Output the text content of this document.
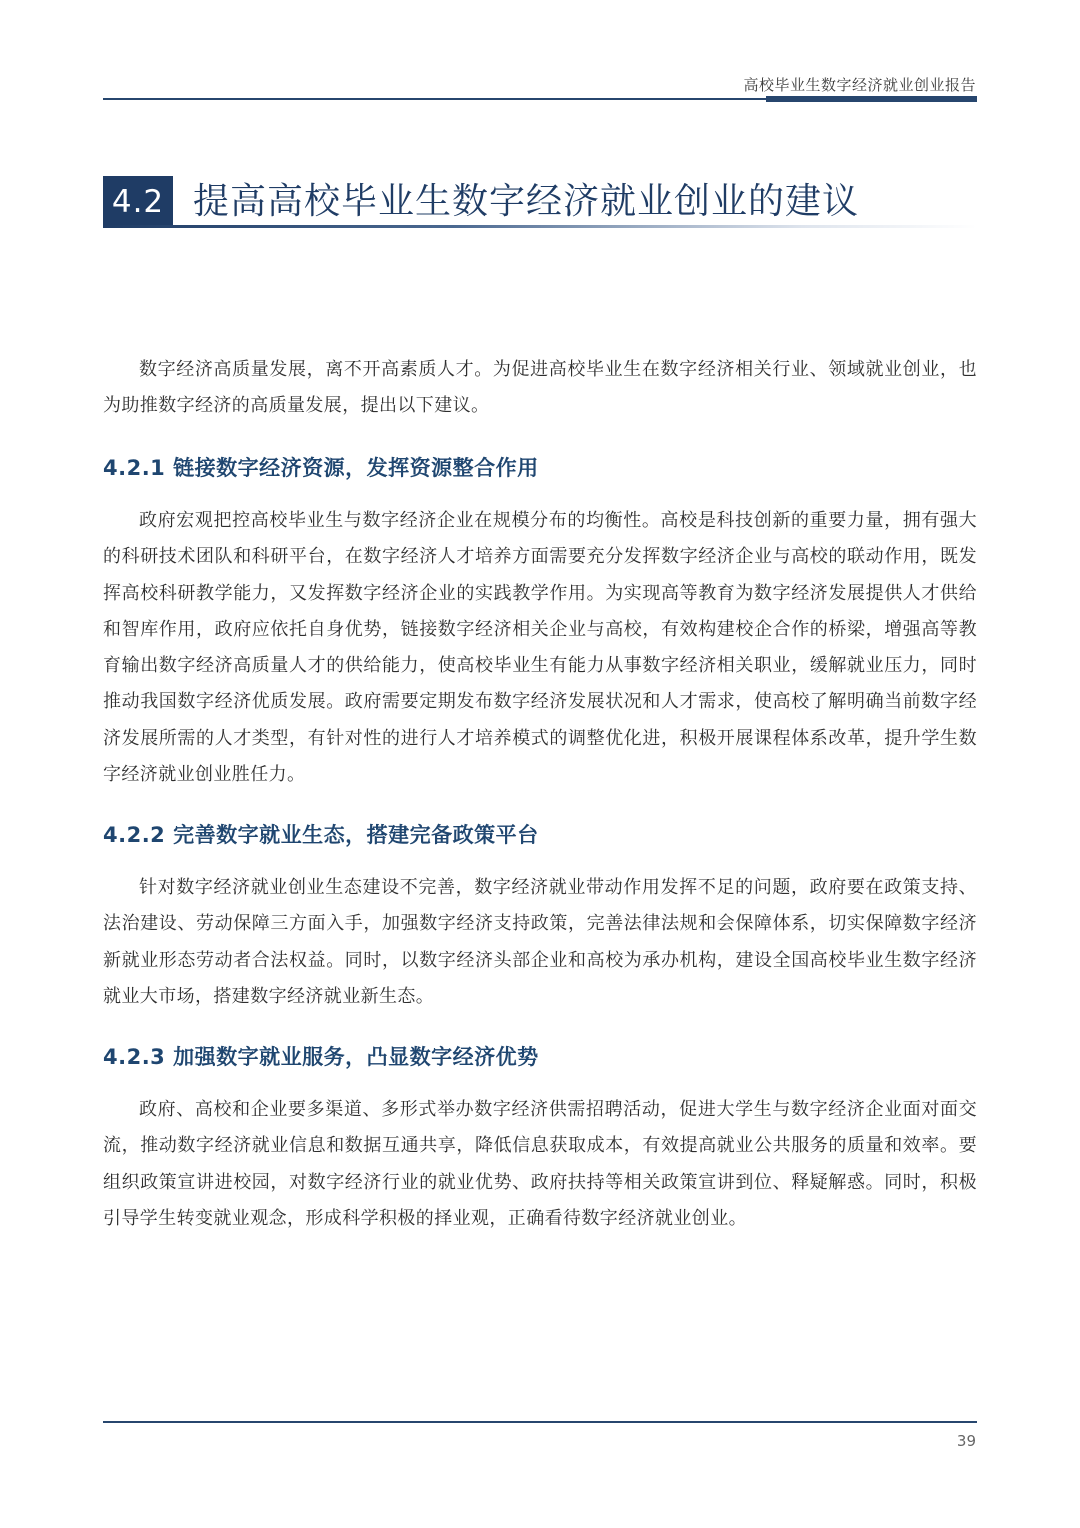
高校毕业生数字经济就业创业报告
4.2 提高高校毕业生数字经济就业创业的建议

数字经济高质量发展，离不开高素质人才。为促进高校毕业生在数字经济相关行业、领域就业创业，也为助推数字经济的高质量发展，提出以下建议。

4.2.1 链接数字经济资源，发挥资源整合作用

政府宏观把控高校毕业生与数字经济企业在规模分布的均衡性。高校是科技创新的重要力量，拥有强大的科研技术团队和科研平台，在数字经济人才培养方面需要充分发挥数字经济企业与高校的联动作用，既发挥高校科研教学能力，又发挥数字经济企业的实践教学作用。为实现高等教育为数字经济发展提供人才供给和智库作用，政府应依托自身优势，链接数字经济相关企业与高校，有效构建校企合作的桥梁，增强高等教育输出数字经济高质量人才的供给能力，使高校毕业生有能力从事数字经济相关职业，缓解就业压力，同时推动我国数字经济优质发展。政府需要定期发布数字经济发展状况和人才需求，使高校了解明确当前数字经济发展所需的人才类型，有针对性的进行人才培养模式的调整优化进，积极开展课程体系改革，提升学生数字经济就业创业胜任力。

4.2.2 完善数字就业生态，搭建完备政策平台

针对数字经济就业创业生态建设不完善，数字经济就业带动作用发挥不足的问题，政府要在政策支持、法治建设、劳动保障三方面入手，加强数字经济支持政策，完善法律法规和会保障体系，切实保障数字经济新就业形态劳动者合法权益。同时，以数字经济头部企业和高校为承办机构，建设全国高校毕业生数字经济就业大市场，搭建数字经济就业新生态。

4.2.3 加强数字就业服务，凸显数字经济优势

政府、高校和企业要多渠道、多形式举办数字经济供需招聘活动，促进大学生与数字经济企业面对面交流，推动数字经济就业信息和数据互通共享，降低信息获取成本，有效提高就业公共服务的质量和效率。要组织政策宣讲进校园，对数字经济行业的就业优势、政府扶持等相关政策宣讲到位、释疑解惑。同时，积极引导学生转变就业观念，形成科学积极的择业观，正确看待数字经济就业创业。

39
